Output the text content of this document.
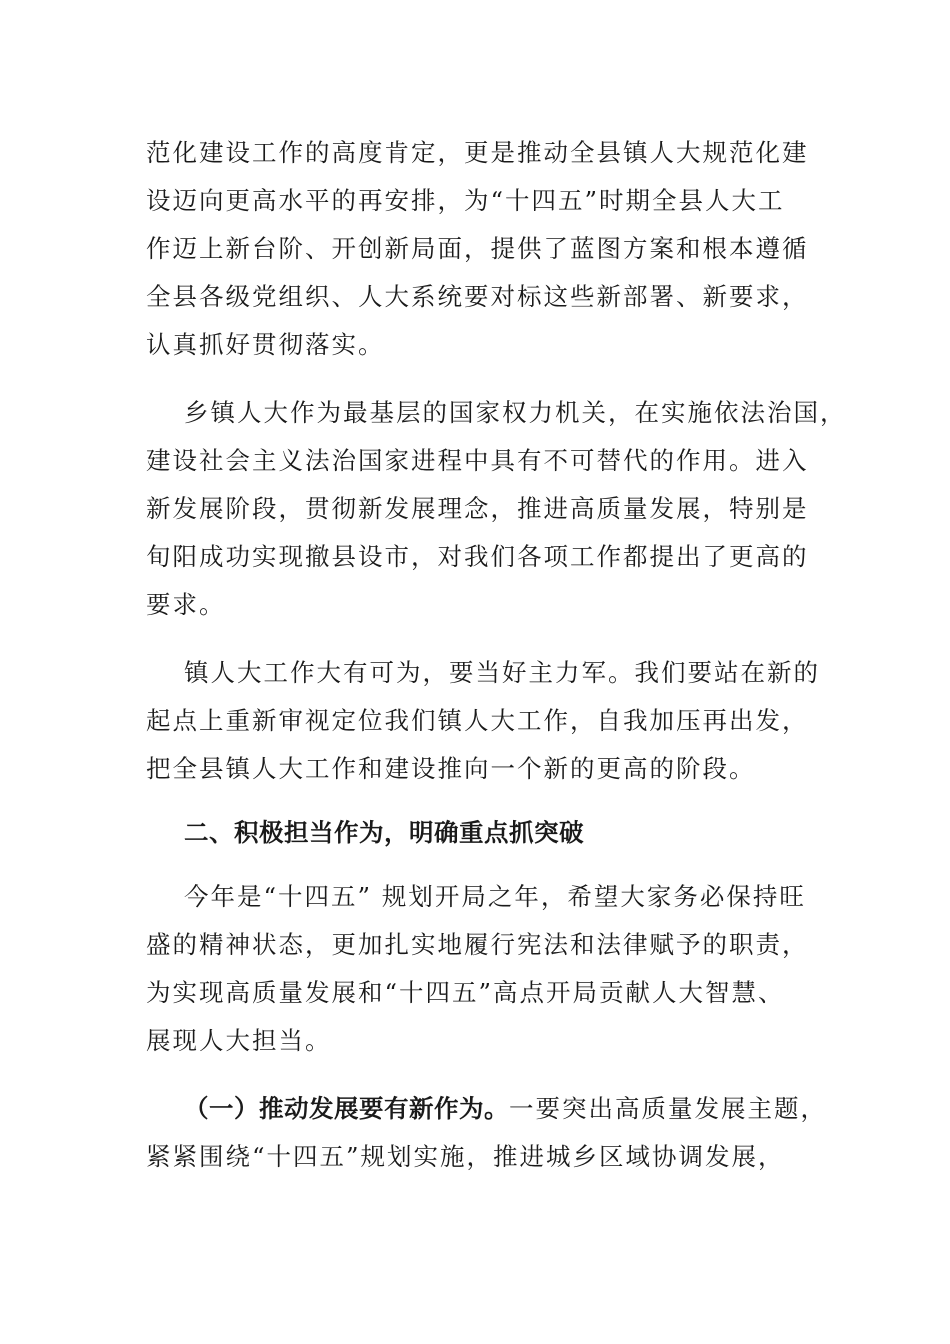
范化建设工作的高度肯定，更是推动全县镇人大规范化建
设迈向更高水平的再安排，为“十四五”时期全县人大工
作迈上新台阶、开创新局面，提供了蓝图方案和根本遵循
全县各级党组织、人大系统要对标这些新部署、新要求，
认真抓好贯彻落实。
乡镇人大作为最基层的国家权力机关，在实施依法治国，
建设社会主义法治国家进程中具有不可替代的作用。进入
新发展阶段，贯彻新发展理念，推进高质量发展，特别是
旬阳成功实现撤县设市，对我们各项工作都提出了更高的
要求。
镇人大工作大有可为，要当好主力军。我们要站在新的
起点上重新审视定位我们镇人大工作，自我加压再出发，
把全县镇人大工作和建设推向一个新的更高的阶段。
二、积极担当作为，明确重点抓突破
今年是“十四五” 规划开局之年，希望大家务必保持旺
盛的精神状态，更加扎实地履行宪法和法律赋予的职责，
为实现高质量发展和“十四五”高点开局贡献人大智慧、
展现人大担当。
（一）推动发展要有新作为。一要突出高质量发展主题，
紧紧围绕“十四五”规划实施，推进城乡区域协调发展，
